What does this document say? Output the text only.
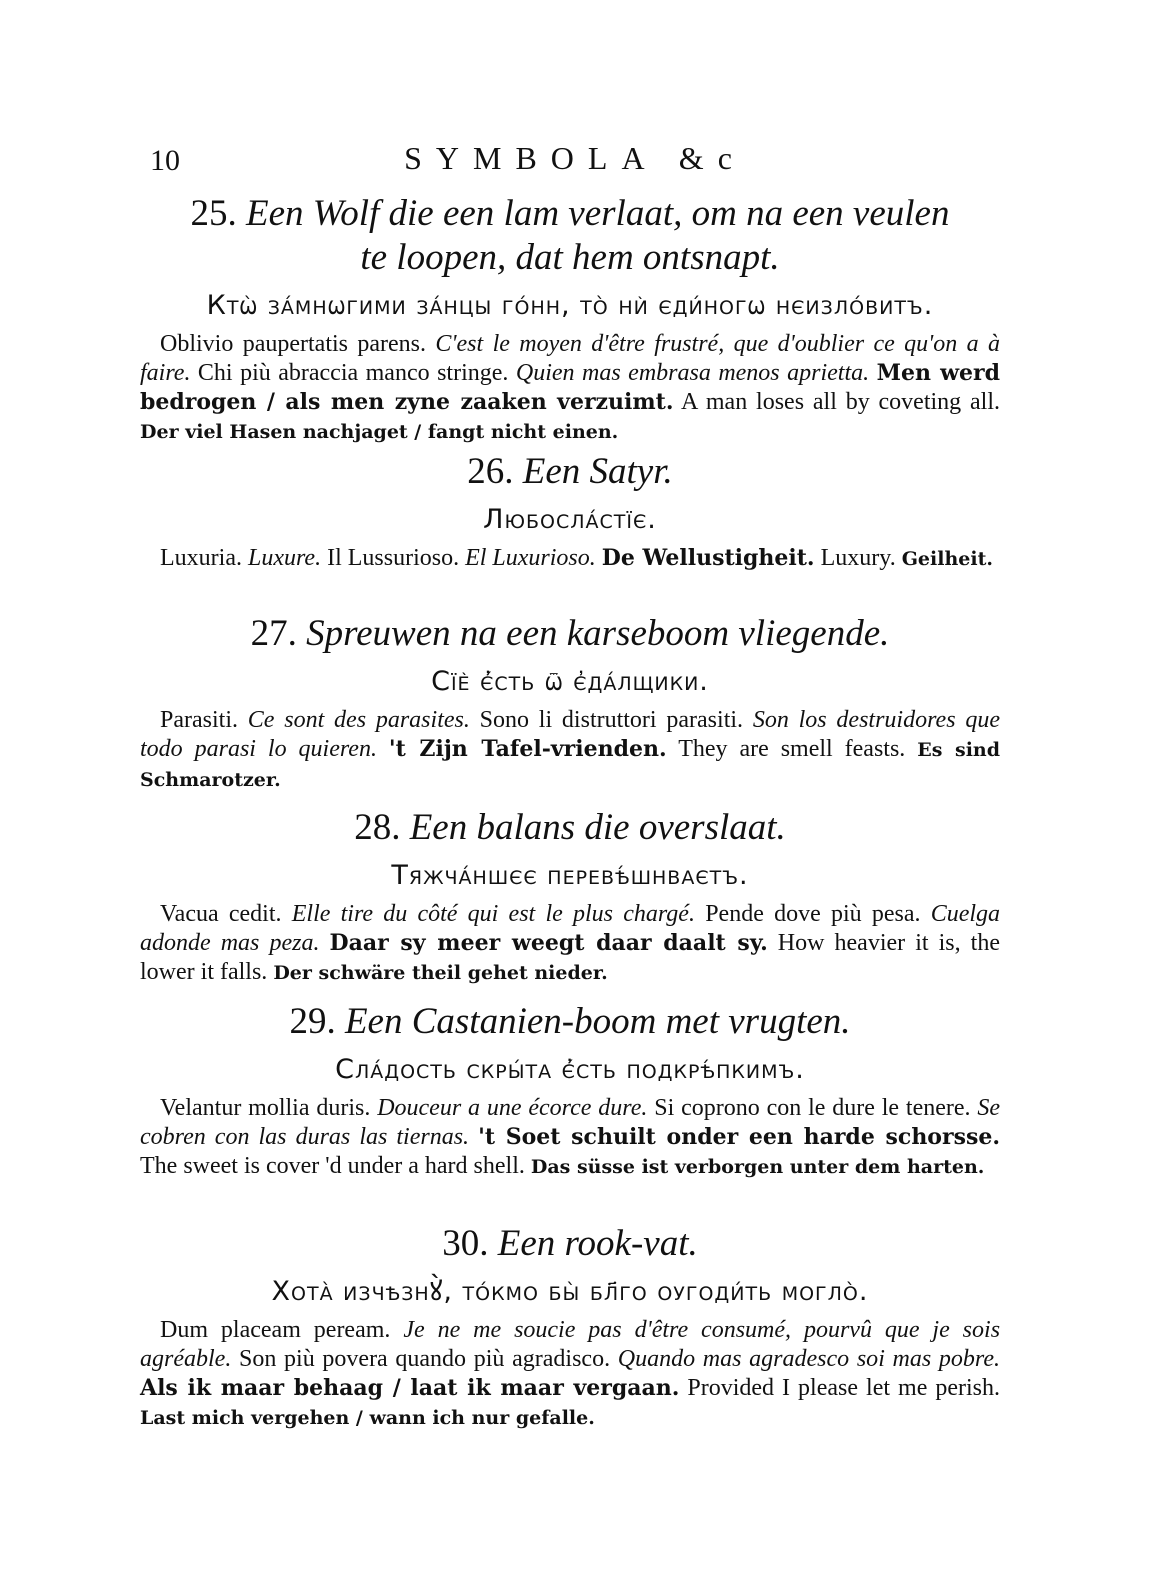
10	SYMBOLA &c

25. Een Wolf die een lam verlaat, om na een veulen
te loopen, dat hem ontsnapt.

Ктѡ̀ за́мнѡгими за́нцы го́нн, то̀ нѝ єди́ногѡ нєизло́витъ.

Oblivio paupertatis parens. C'est le moyen d'être frustré, que d'oublier ce qu'on a à faire. Chi più abraccia manco stringe. Quien mas embrasa menos aprietta. Men werd bedrogen / als men zyne zaaken verzuimt. A man loses all by coveting all. Der viel Hasen nachjaget / fangt nicht einen.

26. Een Satyr.

Любосла́стїє.

Luxuria. Luxure. Il Lussurioso. El Luxurioso. De Wellustigheit. Luxury. Geilheit.

27. Spreuwen na een karseboom vliegende.

Сїѐ є̓́сть ѿ є̓да́лщики.

Parasiti. Ce sont des parasites. Sono li distruttori parasiti. Son los destruidores que todo parasi lo quieren. 't Zijn Tafel-vrienden. They are smell feasts. Es sind Schmarotzer.

28. Een balans die overslaat.

Тяжча́ншєє перевѣ́шнваєтъ.

Vacua cedit. Elle tire du côté qui est le plus chargé. Pende dove più pesa. Cuelga adonde mas peza. Daar sy meer weegt daar daalt sy. How heavier it is, the lower it falls. Der schwäre theil gehet nieder.

29. Een Castanien-boom met vrugten.

Сла́дость скры́та є̓́сть подкрѣ́пкимъ.

Velantur mollia duris. Douceur a une écorce dure. Si coprono con le dure le tenere. Se cobren con las duras las tiernas. 't Soet schuilt onder een harde schorsse. The sweet is cover 'd under a hard shell. Das süsse ist verborgen unter dem harten.

30. Een rook-vat.

Хота̀ изчѣзнꙋ̀, то́кмо бы̀ бл҃го оугоди́ть могло̀.

Dum placeam peream. Je ne me soucie pas d'être consumé, pourvû que je sois agréable. Son più povera quando più agradisco. Quando mas agradesco soi mas pobre. Als ik maar behaag / laat ik maar vergaan. Provided I please let me perish. Last mich vergehen / wann ich nur gefalle.
